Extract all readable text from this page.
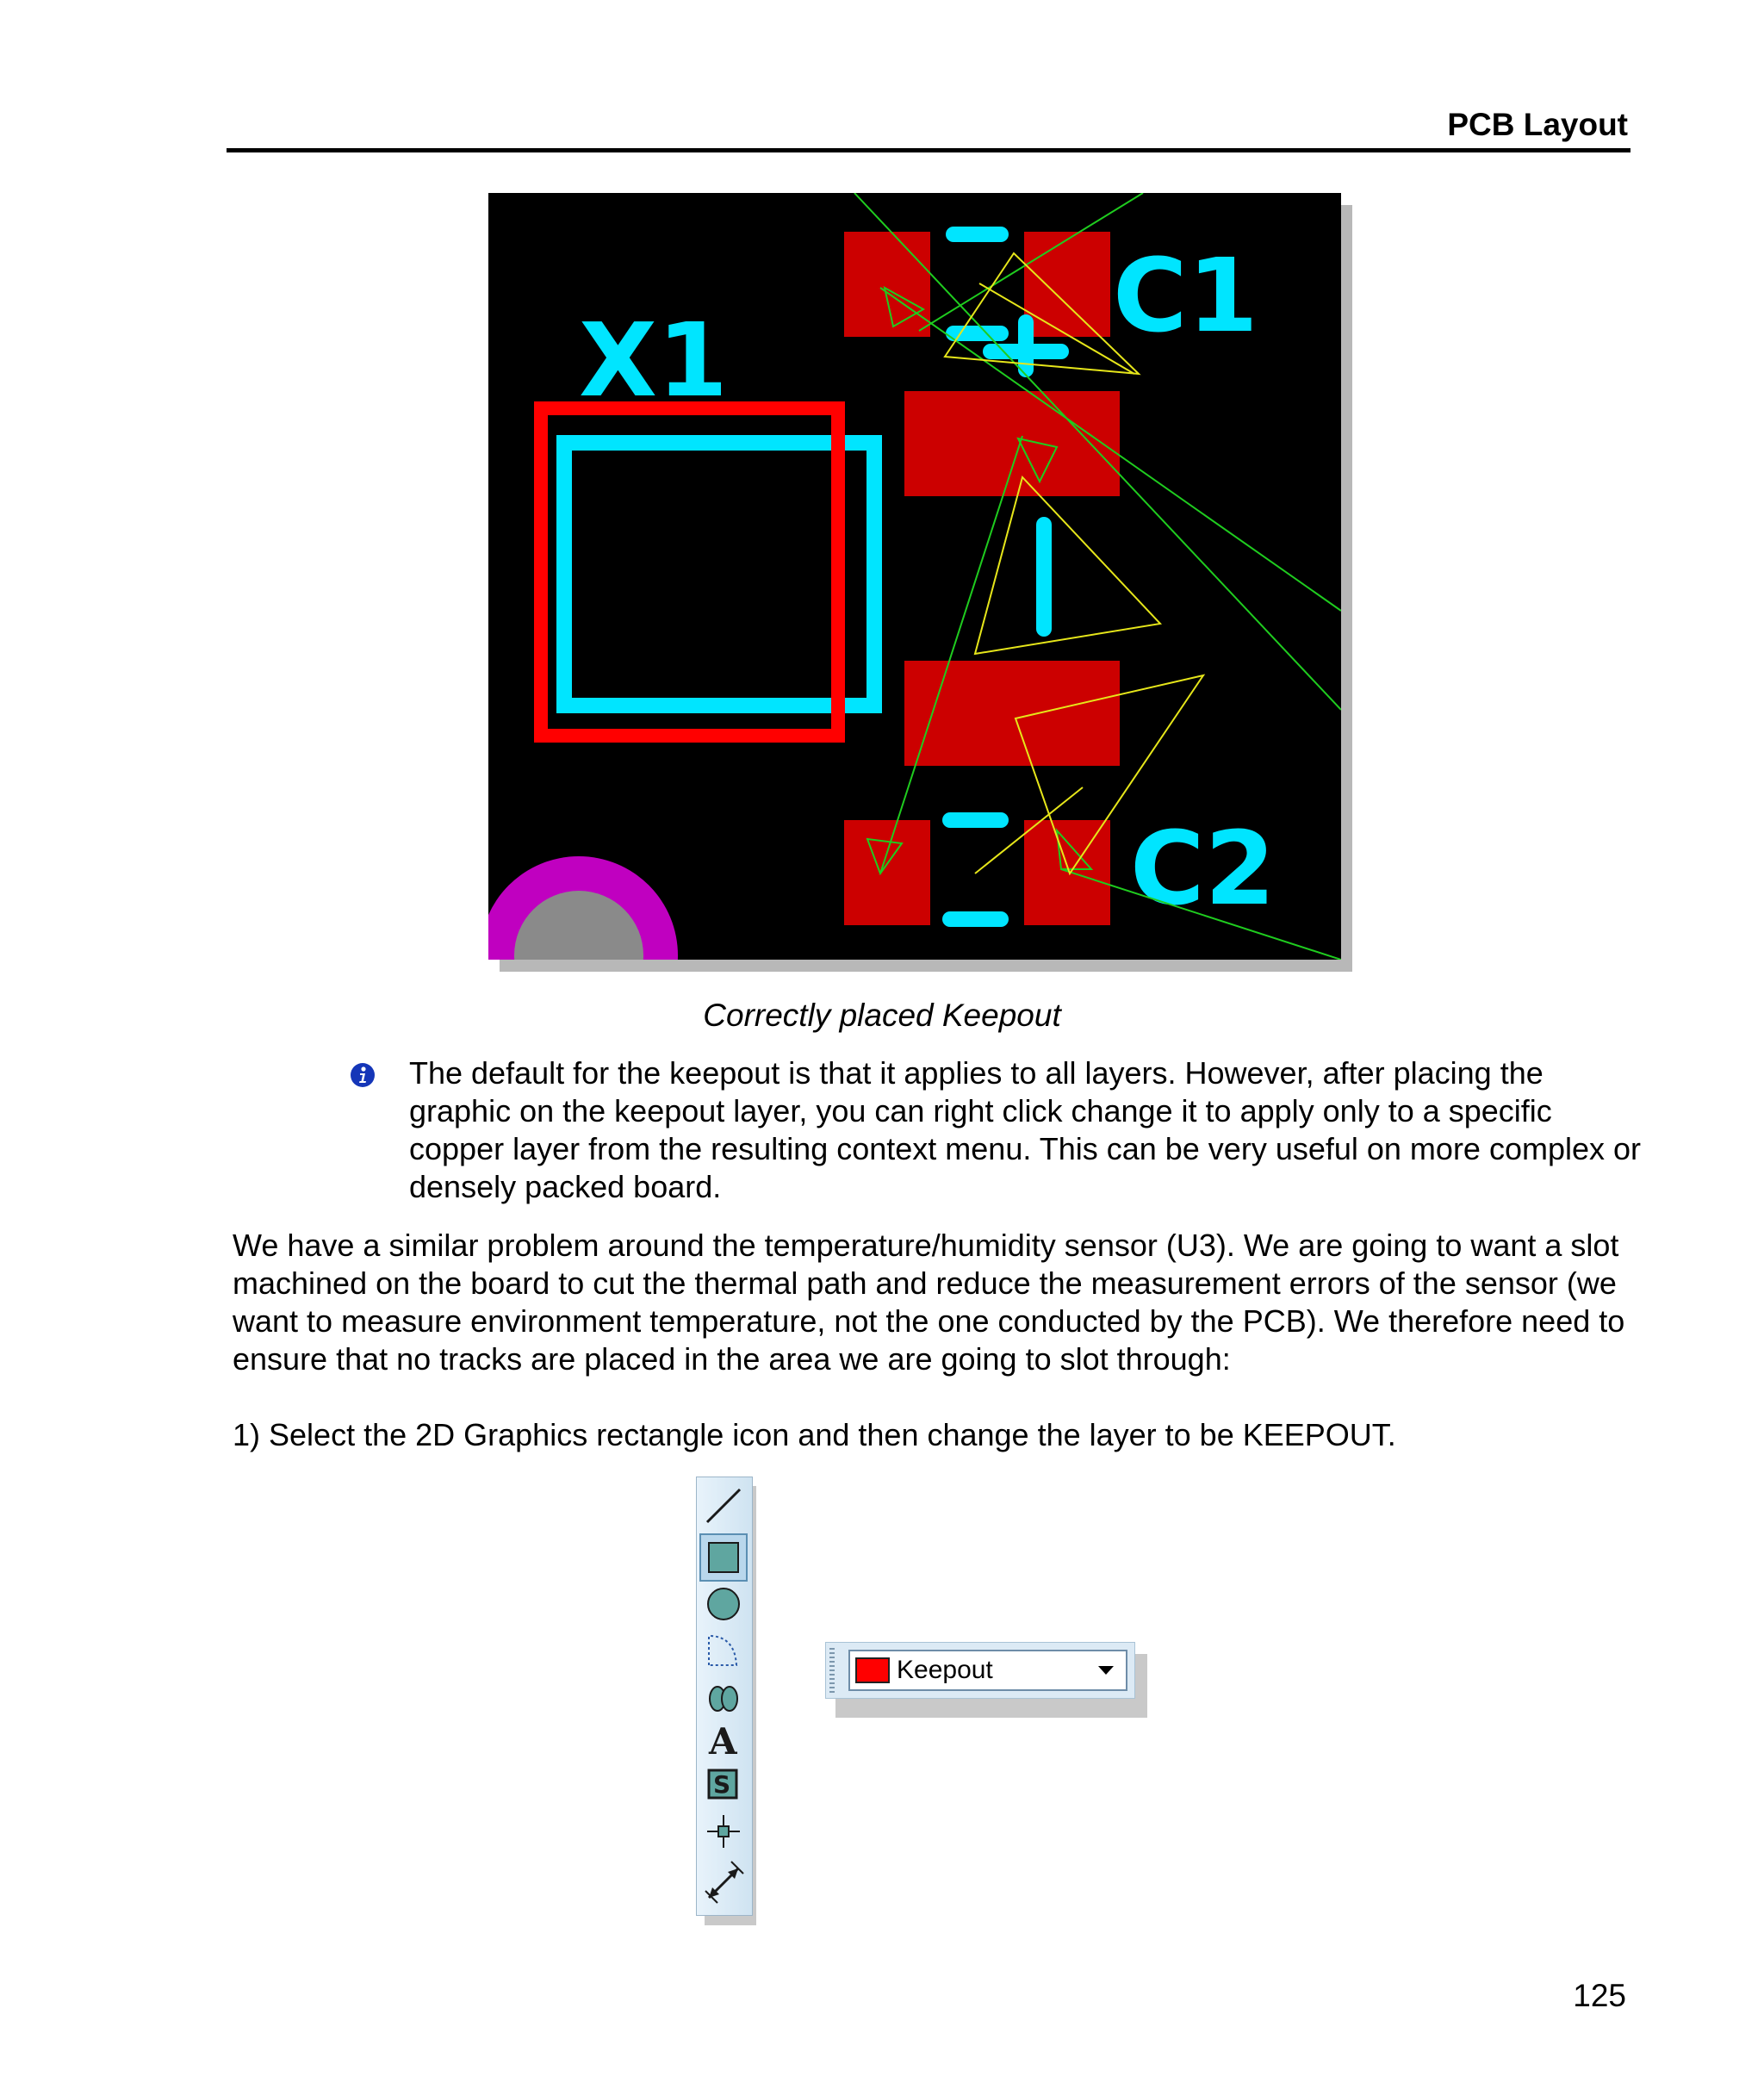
PCB Layout
X1
C1
C2
Correctly placed Keepout
The default for the keepout is that it applies to all layers. However, after placing the graphic on the keepout layer, you can right click change it to apply only to a specific copper layer from the resulting context menu. This can be very useful on more complex or densely packed board.
We have a similar problem around the temperature/humidity sensor (U3). We are going to want a slot machined on the board to cut the thermal path and reduce the measurement errors of the sensor (we want to measure environment temperature, not the one conducted by the PCB). We therefore need to ensure that no tracks are placed in the area we are going to slot through:
1) Select the 2D Graphics rectangle icon and then change the layer to be KEEPOUT.
A
S
Keepout
125
